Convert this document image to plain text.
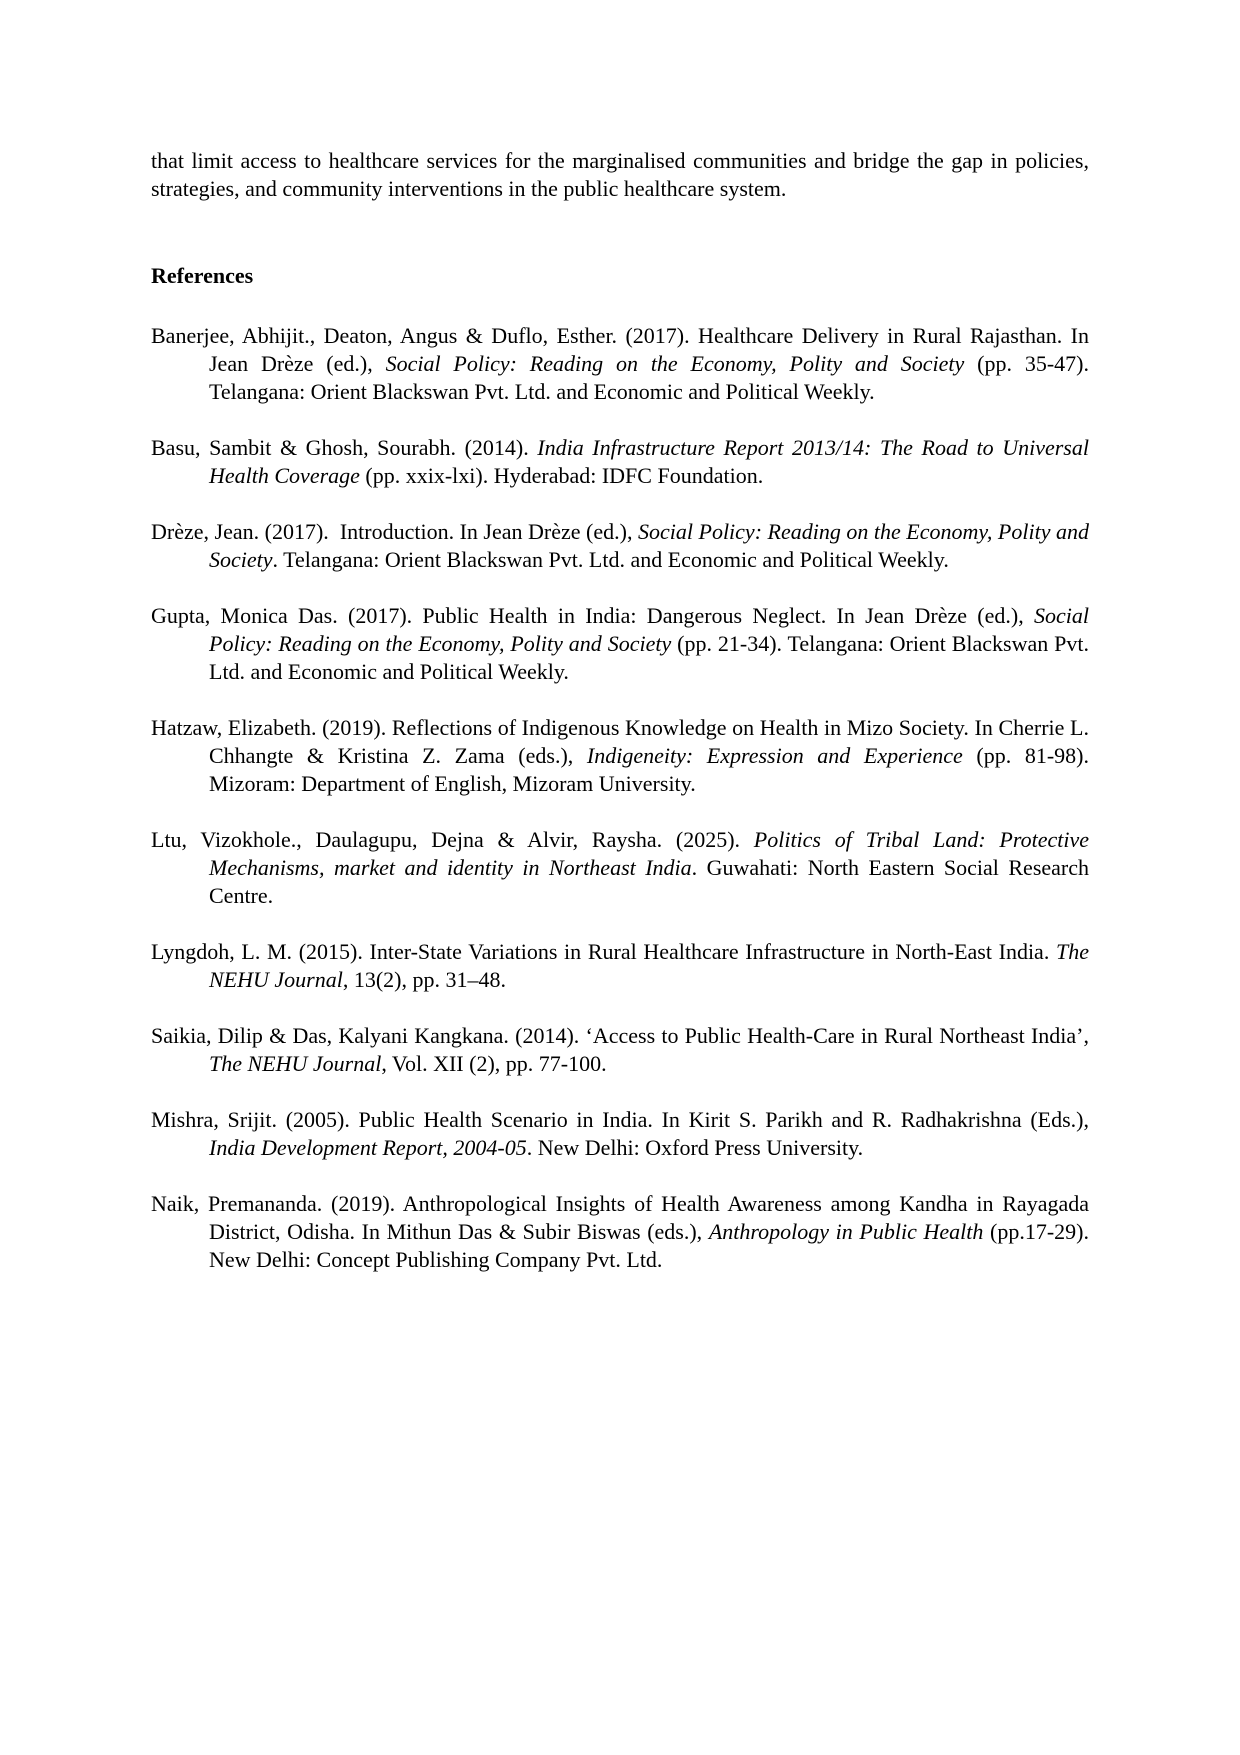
that limit access to healthcare services for the marginalised communities and bridge the gap in policies, strategies, and community interventions in the public healthcare system.

References

Banerjee, Abhijit., Deaton, Angus & Duflo, Esther. (2017). Healthcare Delivery in Rural Rajasthan. In Jean Drèze (ed.), Social Policy: Reading on the Economy, Polity and Society (pp. 35-47). Telangana: Orient Blackswan Pvt. Ltd. and Economic and Political Weekly.

Basu, Sambit & Ghosh, Sourabh. (2014). India Infrastructure Report 2013/14: The Road to Universal Health Coverage (pp. xxix-lxi). Hyderabad: IDFC Foundation.

Drèze, Jean. (2017).  Introduction. In Jean Drèze (ed.), Social Policy: Reading on the Economy, Polity and Society. Telangana: Orient Blackswan Pvt. Ltd. and Economic and Political Weekly.

Gupta, Monica Das. (2017). Public Health in India: Dangerous Neglect. In Jean Drèze (ed.), Social Policy: Reading on the Economy, Polity and Society (pp. 21-34). Telangana: Orient Blackswan Pvt. Ltd. and Economic and Political Weekly.

Hatzaw, Elizabeth. (2019). Reflections of Indigenous Knowledge on Health in Mizo Society. In Cherrie L. Chhangte & Kristina Z. Zama (eds.), Indigeneity: Expression and Experience (pp. 81-98). Mizoram: Department of English, Mizoram University.

Ltu, Vizokhole., Daulagupu, Dejna & Alvir, Raysha. (2025). Politics of Tribal Land: Protective Mechanisms, market and identity in Northeast India. Guwahati: North Eastern Social Research Centre.

Lyngdoh, L. M. (2015). Inter-State Variations in Rural Healthcare Infrastructure in North-East India. The NEHU Journal, 13(2), pp. 31–48.

Saikia, Dilip & Das, Kalyani Kangkana. (2014). ‘Access to Public Health-Care in Rural Northeast India’, The NEHU Journal, Vol. XII (2), pp. 77-100.

Mishra, Srijit. (2005). Public Health Scenario in India. In Kirit S. Parikh and R. Radhakrishna (Eds.), India Development Report, 2004-05. New Delhi: Oxford Press University.

Naik, Premananda. (2019). Anthropological Insights of Health Awareness among Kandha in Rayagada District, Odisha. In Mithun Das & Subir Biswas (eds.), Anthropology in Public Health (pp.17-29). New Delhi: Concept Publishing Company Pvt. Ltd.
